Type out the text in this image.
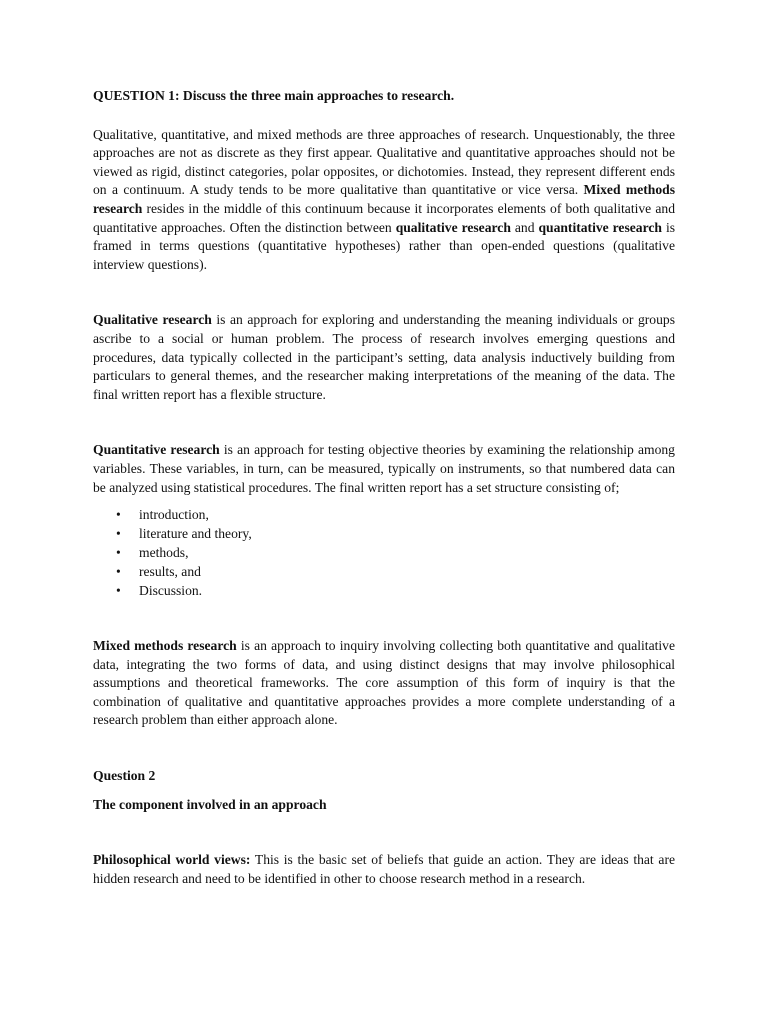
QUESTION 1: Discuss the three main approaches to research.

Qualitative, quantitative, and mixed methods are three approaches of research. Unquestionably, the three approaches are not as discrete as they first appear. Qualitative and quantitative approaches should not be viewed as rigid, distinct categories, polar opposites, or dichotomies. Instead, they represent different ends on a continuum. A study tends to be more qualitative than quantitative or vice versa. Mixed methods research resides in the middle of this continuum because it incorporates elements of both qualitative and quantitative approaches. Often the distinction between qualitative research and quantitative research is framed in terms questions (quantitative hypotheses) rather than open-ended questions (qualitative interview questions).

Qualitative research is an approach for exploring and understanding the meaning individuals or groups ascribe to a social or human problem. The process of research involves emerging questions and procedures, data typically collected in the participant’s setting, data analysis inductively building from particulars to general themes, and the researcher making interpretations of the meaning of the data. The final written report has a flexible structure.

Quantitative research is an approach for testing objective theories by examining the relationship among variables. These variables, in turn, can be measured, typically on instruments, so that numbered data can be analyzed using statistical procedures. The final written report has a set structure consisting of;

• introduction,
• literature and theory,
• methods,
• results, and
• Discussion.

Mixed methods research is an approach to inquiry involving collecting both quantitative and qualitative data, integrating the two forms of data, and using distinct designs that may involve philosophical assumptions and theoretical frameworks. The core assumption of this form of inquiry is that the combination of qualitative and quantitative approaches provides a more complete understanding of a research problem than either approach alone.

Question 2

The component involved in an approach

Philosophical world views: This is the basic set of beliefs that guide an action. They are ideas that are hidden research and need to be identified in other to choose research method in a research.
